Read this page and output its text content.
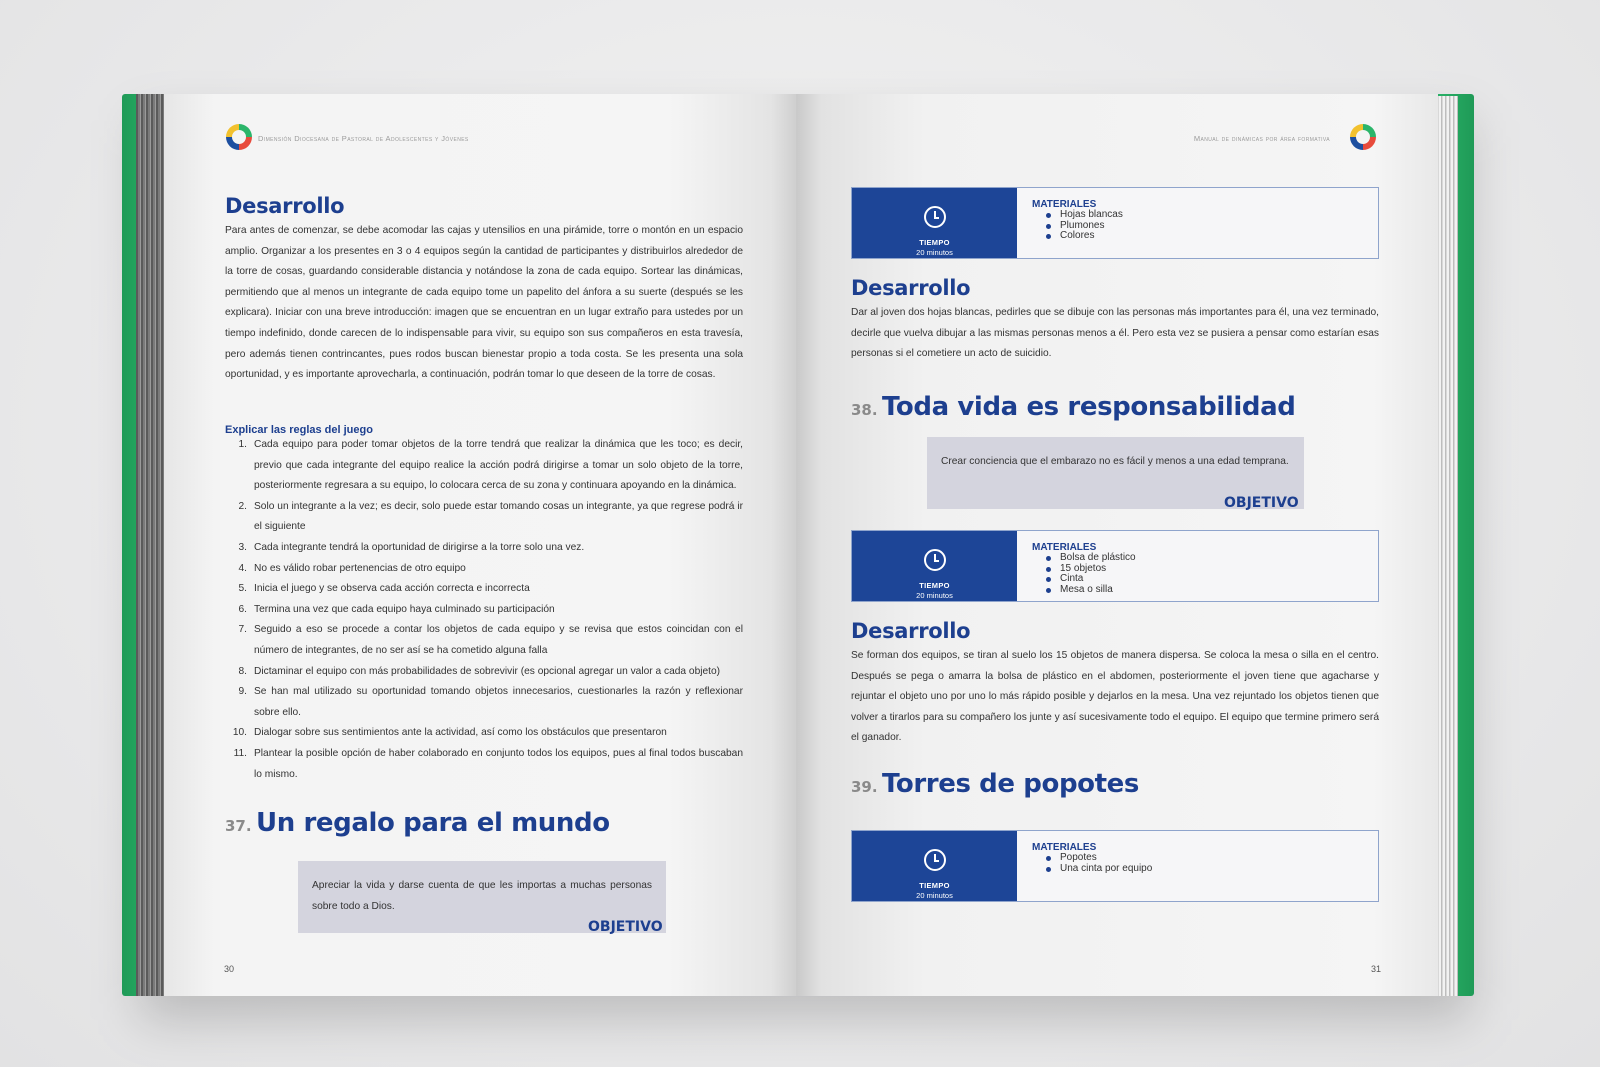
Dimensión Diocesana de Pastoral de Adolescentes y Jóvenes
Desarrollo
Para antes de comenzar, se debe acomodar las cajas y utensilios en una pirámide, torre o montón en un espacio amplio. Organizar a los presentes en 3 o 4 equipos según la cantidad de participantes y distribuirlos alrededor de la torre de cosas, guardando considerable distancia y notándose la zona de cada equipo. Sortear las dinámicas, permitiendo que al menos un integrante de cada equipo tome un papelito del ánfora a su suerte (después se les explicara). Iniciar con una breve introducción: imagen que se encuentran en un lugar extraño para ustedes por un tiempo indefinido, donde carecen de lo indispensable para vivir, su equipo son sus compañeros en esta travesía, pero además tienen contrincantes, pues rodos buscan bienestar propio a toda costa. Se les presenta una sola oportunidad, y es importante aprovecharla, a continuación, podrán tomar lo que deseen de la torre de cosas.
Explicar las reglas del juego
1. Cada equipo para poder tomar objetos de la torre tendrá que realizar la dinámica que les toco; es decir, previo que cada integrante del equipo realice la acción podrá dirigirse a tomar un solo objeto de la torre, posteriormente regresara a su equipo, lo colocara cerca de su zona y continuara apoyando en la dinámica.
2. Solo un integrante a la vez; es decir, solo puede estar tomando cosas un integrante, ya que regrese podrá ir el siguiente
3. Cada integrante tendrá la oportunidad de dirigirse a la torre solo una vez.
4. No es válido robar pertenencias de otro equipo
5. Inicia el juego y se observa cada acción correcta e incorrecta
6. Termina una vez que cada equipo haya culminado su participación
7. Seguido a eso se procede a contar los objetos de cada equipo y se revisa que estos coincidan con el número de integrantes, de no ser así se ha cometido alguna falla
8. Dictaminar el equipo con más probabilidades de sobrevivir (es opcional agregar un valor a cada objeto)
9. Se han mal utilizado su oportunidad tomando objetos innecesarios, cuestionarles la razón y reflexionar sobre ello.
10. Dialogar sobre sus sentimientos ante la actividad, así como los obstáculos que presentaron
11. Plantear la posible opción de haber colaborado en conjunto todos los equipos, pues al final todos buscaban lo mismo.
37. Un regalo para el mundo
Apreciar la vida y darse cuenta de que les importas a muchas personas sobre todo a Dios.
OBJETIVO
30
Manual de dinámicas por área formativa
TIEMPO
20 minutos
MATERIALES
Hojas blancas
Plumones
Colores
Desarrollo
Dar al joven dos hojas blancas, pedirles que se dibuje con las personas más importantes para él, una vez terminado, decirle que vuelva dibujar a las mismas personas menos a él. Pero esta vez se pusiera a pensar como estarían esas personas si el cometiere un acto de suicidio.
38. Toda vida es responsabilidad
Crear conciencia que el embarazo no es fácil y menos a una edad temprana.
OBJETIVO
TIEMPO
20 minutos
MATERIALES
Bolsa de plástico
15 objetos
Cinta
Mesa o silla
Desarrollo
Se forman dos equipos, se tiran al suelo los 15 objetos de manera dispersa. Se coloca la mesa o silla en el centro. Después se pega o amarra la bolsa de plástico en el abdomen, posteriormente el joven tiene que agacharse y rejuntar el objeto uno por uno lo más rápido posible y dejarlos en la mesa. Una vez rejuntado los objetos tienen que volver a tirarlos para su compañero los junte y así sucesivamente todo el equipo. El equipo que termine primero será el ganador.
39. Torres de popotes
TIEMPO
20 minutos
MATERIALES
Popotes
Una cinta por equipo
31
